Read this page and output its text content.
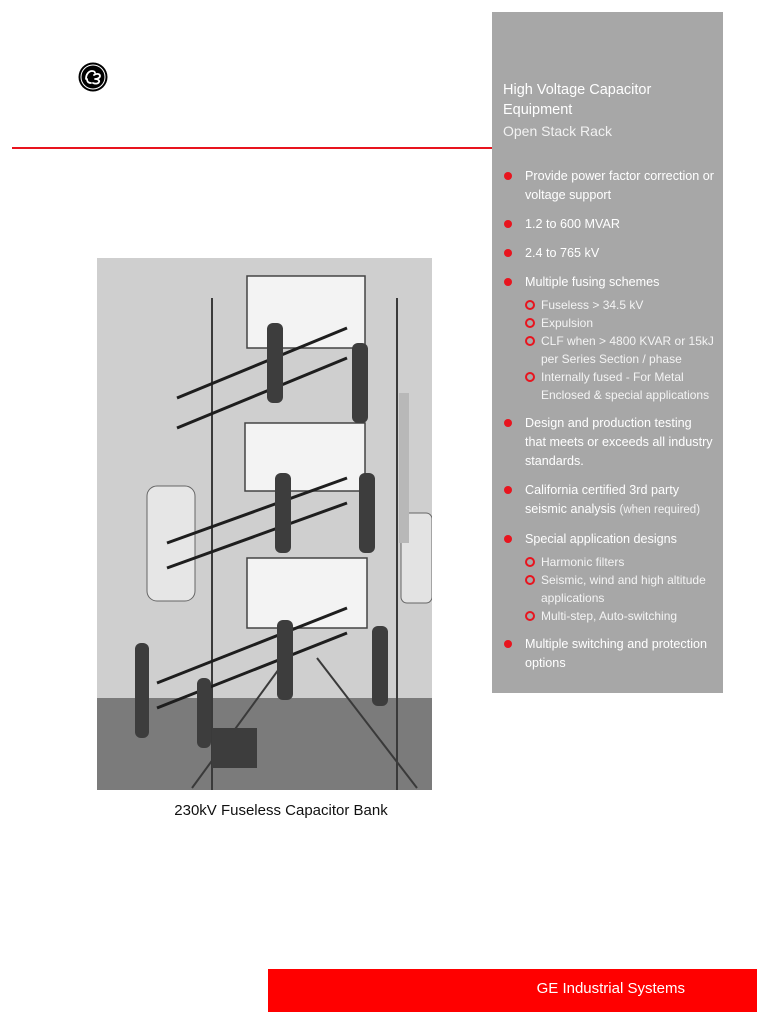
High Voltage Capacitor Equipment
Open Stack Rack
Provide power factor correction or voltage support
1.2 to 600 MVAR
2.4 to 765 kV
Multiple fusing schemes
Fuseless > 34.5 kV
Expulsion
CLF when > 4800 KVAR or 15kJ per Series Section / phase
Internally fused - For Metal Enclosed & special applications
Design and production testing that meets or exceeds all industry standards.
California certified 3rd party seismic analysis (when required)
Special application designs
Harmonic filters
Seismic, wind and high altitude applications
Multi-step, Auto-switching
Multiple switching and protection options
230kV Fuseless Capacitor Bank
GE Industrial Systems
